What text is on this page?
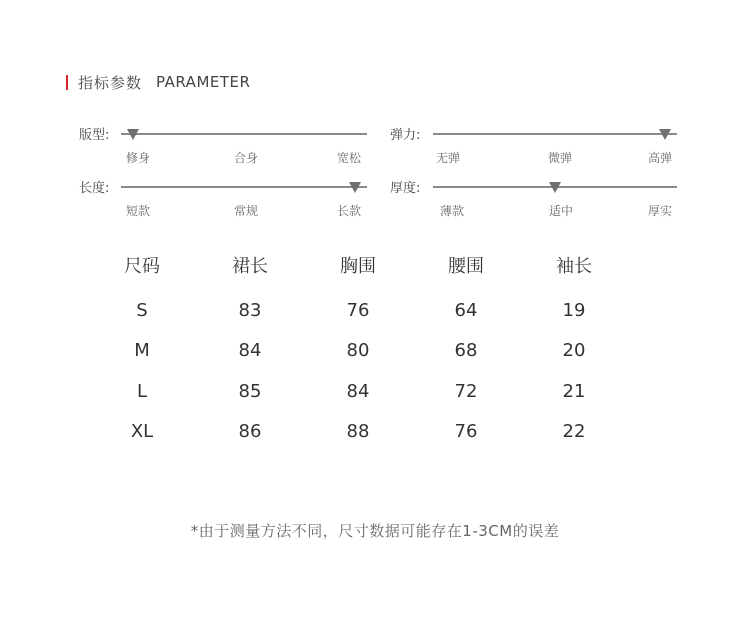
指标参数 PARAMETER
版型:
修身	合身	宽松
弹力:
无弹	微弹	高弹
长度:
短款	常规	长款
厚度:
薄款	适中	厚实
尺码	裙长	胸围	腰围	袖长
S	83	76	64	19
M	84	80	68	20
L	85	84	72	21
XL	86	88	76	22
*由于测量方法不同，尺寸数据可能存在1-3CM的误差
